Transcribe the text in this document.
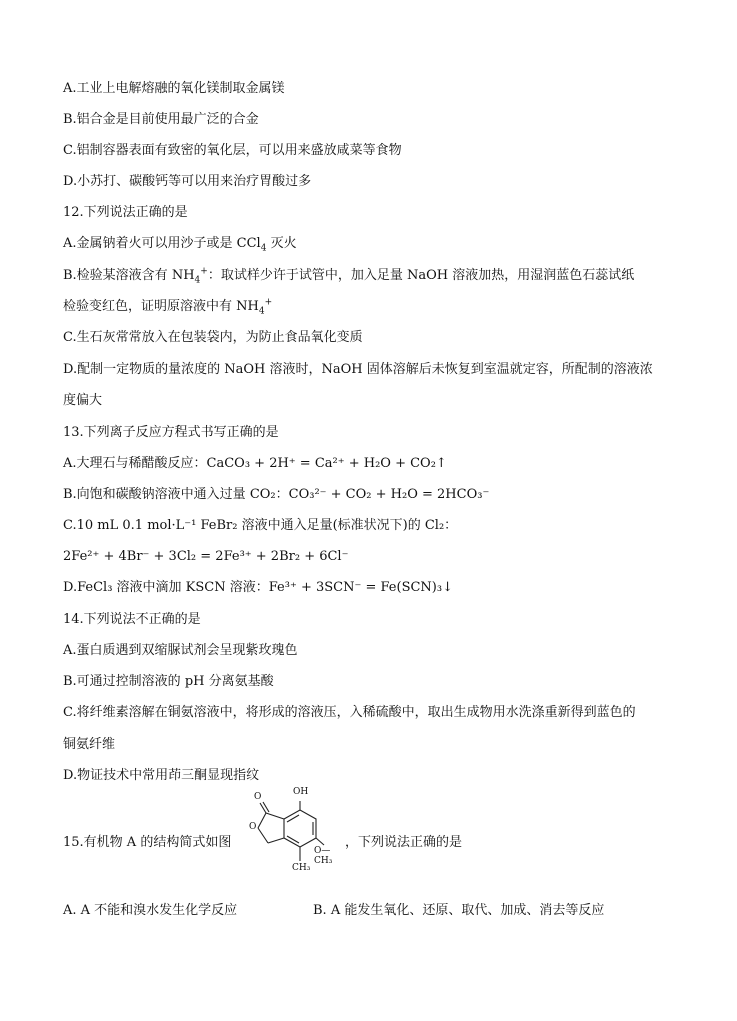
A.工业上电解熔融的氧化镁制取金属镁
B.铝合金是目前使用最广泛的合金
C.铝制容器表面有致密的氧化层，可以用来盛放咸菜等食物
D.小苏打、碳酸钙等可以用来治疗胃酸过多
12.下列说法正确的是
A.金属钠着火可以用沙子或是 CCl$_4$ 灭火
B.检验某溶液含有 $NH_4^+$：取试样少许于试管中，加入足量 NaOH 溶液加热，用湿润蓝色石蕊试纸
检验变红色，证明原溶液中有 $NH_4^+$
C.生石灰常常放入在包装袋内，为防止食品氧化变质
D.配制一定物质的量浓度的 NaOH 溶液时，NaOH 固体溶解后未恢复到室温就定容，所配制的溶液浓
度偏大
13.下列离子反应方程式书写正确的是
A.大理石与稀醋酸反应：CaCO₃ + 2H⁺ = Ca²⁺ + H₂O + CO₂↑
B.向饱和碳酸钠溶液中通入过量 CO₂：CO₃²⁻ + CO₂ + H₂O = 2HCO₃⁻
C.10 mL 0.1 mol·L⁻¹ FeBr₂ 溶液中通入足量(标准状况下)的 Cl₂：
2Fe²⁺ + 4Br⁻ + 3Cl₂ = 2Fe³⁺ + 2Br₂ + 6Cl⁻
D.FeCl₃ 溶液中滴加 KSCN 溶液：Fe³⁺ + 3SCN⁻ = Fe(SCN)₃↓
14.下列说法不正确的是
A.蛋白质遇到双缩脲试剂会呈现紫玫瑰色
B.可通过控制溶液的 pH 分离氨基酸
C.将纤维素溶解在铜氨溶液中，将形成的溶液压，入稀硫酸中，取出生成物用水洗涤重新得到蓝色的
铜氨纤维
D.物证技术中常用茚三酮显现指纹
15.有机物 A 的结构简式如图	，下列说法正确的是
OH
O
O
O—CH₃
CH₃
A. A 不能和溴水发生化学反应	B. A 能发生氧化、还原、取代、加成、消去等反应
